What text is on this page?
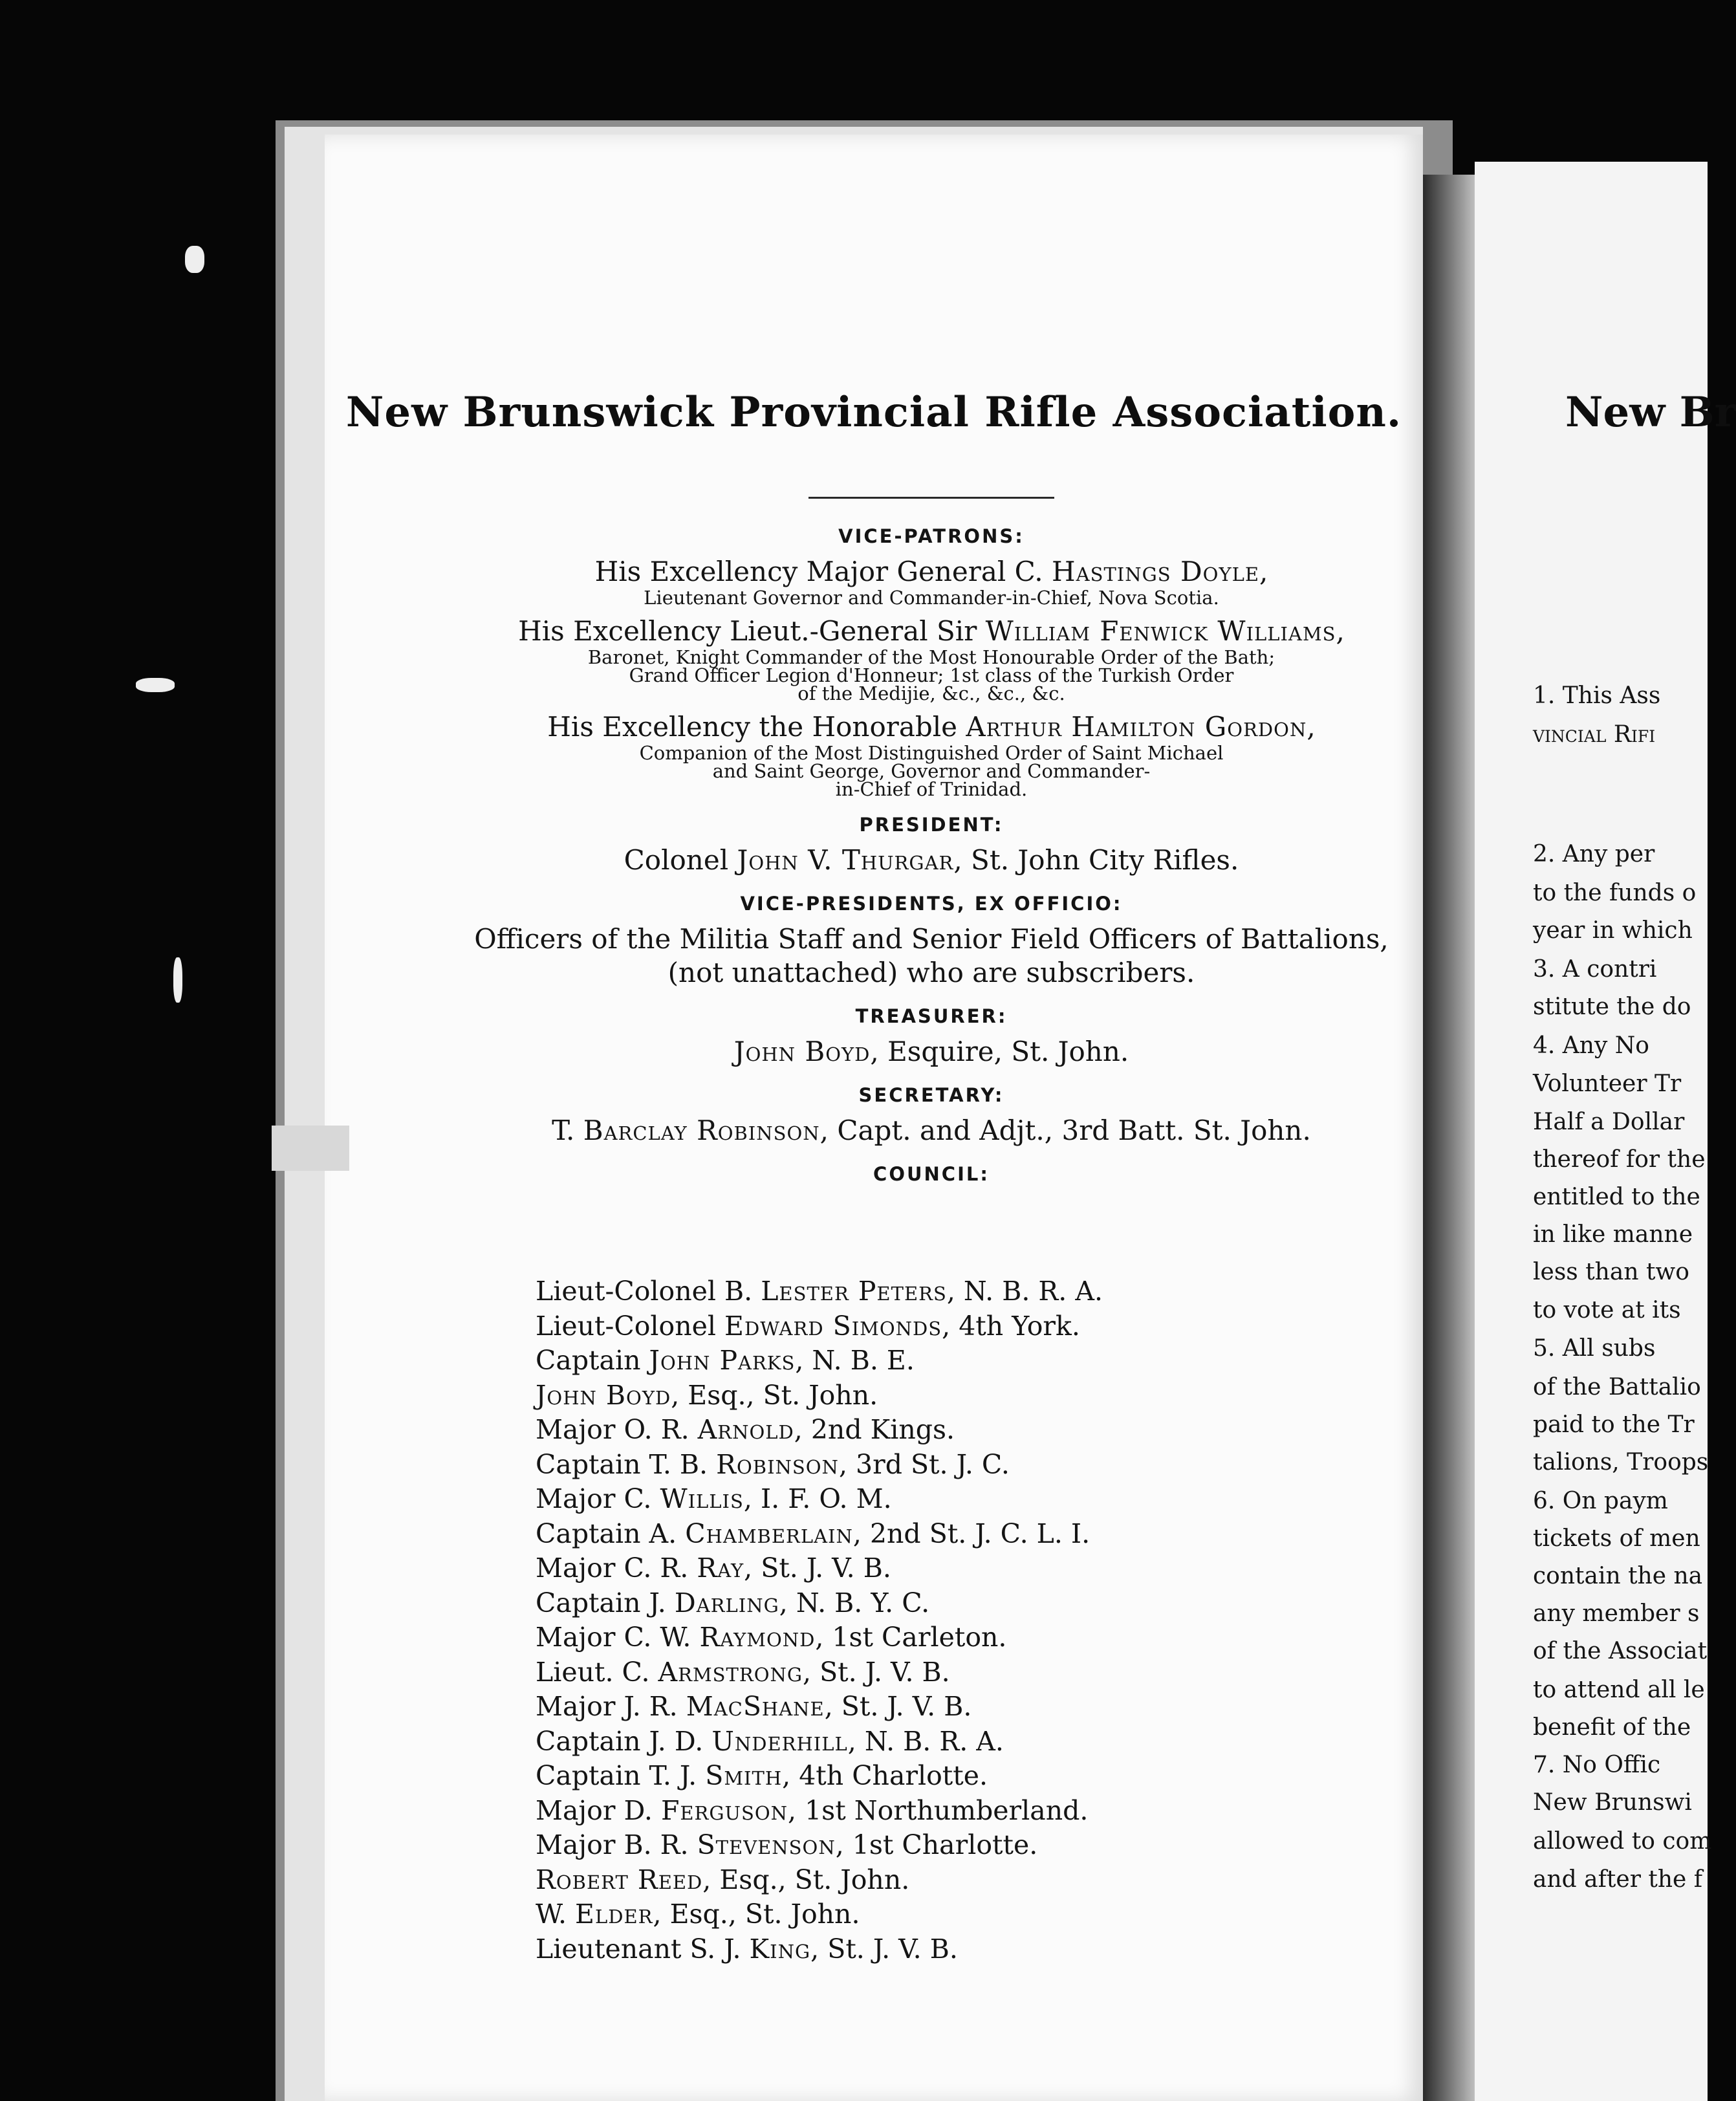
New Brunswick Provincial Rifle Association.
VICE-PATRONS:
His Excellency Major General C. Hastings Doyle,
Lieutenant Governor and Commander-in-Chief, Nova Scotia.
His Excellency Lieut.-General Sir William Fenwick Williams,
Baronet, Knight Commander of the Most Honourable Order of the Bath;
Grand Officer Legion d'Honneur; 1st class of the Turkish Order
of the Medijie, &c., &c., &c.
His Excellency the Honorable Arthur Hamilton Gordon,
Companion of the Most Distinguished Order of Saint Michael
and Saint George, Governor and Commander-
in-Chief of Trinidad.
PRESIDENT:
Colonel John V. Thurgar, St. John City Rifles.
VICE-PRESIDENTS, EX OFFICIO:
Officers of the Militia Staff and Senior Field Officers of Battalions,
(not unattached) who are subscribers.
TREASURER:
John Boyd, Esquire, St. John.
SECRETARY:
T. Barclay Robinson, Capt. and Adjt., 3rd Batt. St. John.
COUNCIL:
Lieut-Colonel B. Lester Peters, N. B. R. A.
Lieut-Colonel Edward Simonds, 4th York.
Captain John Parks, N. B. E.
John Boyd, Esq., St. John.
Major O. R. Arnold, 2nd Kings.
Captain T. B. Robinson, 3rd St. J. C.
Major C. Willis, I. F. O. M.
Captain A. Chamberlain, 2nd St. J. C. L. I.
Major C. R. Ray, St. J. V. B.
Captain J. Darling, N. B. Y. C.
Major C. W. Raymond, 1st Carleton.
Lieut. C. Armstrong, St. J. V. B.
Major J. R. MacShane, St. J. V. B.
Captain J. D. Underhill, N. B. R. A.
Captain T. J. Smith, 4th Charlotte.
Major D. Ferguson, 1st Northumberland.
Major B. R. Stevenson, 1st Charlotte.
Robert Reed, Esq., St. John.
W. Elder, Esq., St. John.
Lieutenant S. J. King, St. J. V. B.
New Br
1. This Ass
vincial Rifi
2. Any per
to the funds o
year in which
3. A contri
stitute the do
4. Any No
Volunteer Tr
Half a Dollar
thereof for the
entitled to the
in like manne
less than two
to vote at its
5. All subs
of the Battalio
paid to the Tr
talions, Troops
6. On paym
tickets of men
contain the na
any member s
of the Associat
to attend all le
benefit of the
7. No Offic
New Brunswi
allowed to com
and after the f
